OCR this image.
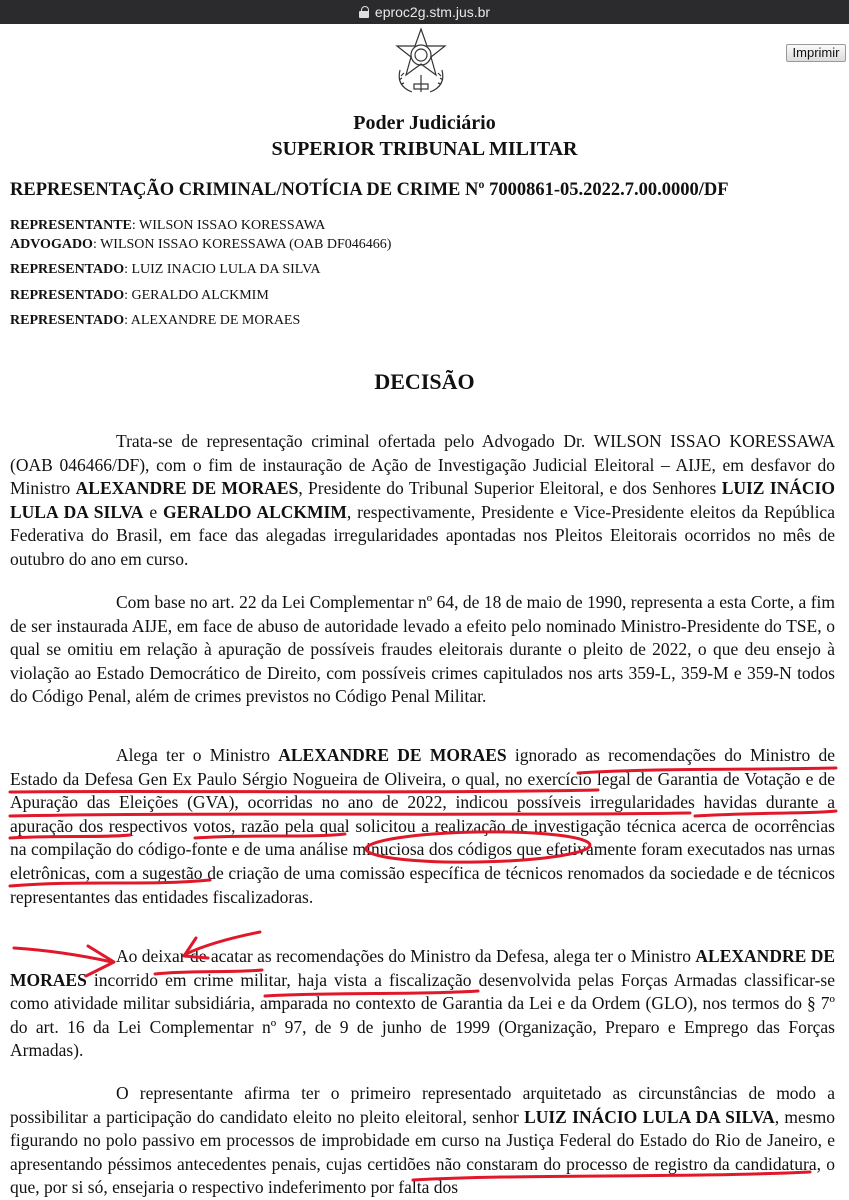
eproc2g.stm.jus.br
Imprimir
Poder Judiciário
SUPERIOR TRIBUNAL MILITAR
REPRESENTAÇÃO CRIMINAL/NOTÍCIA DE CRIME Nº 7000861-05.2022.7.00.0000/DF
REPRESENTANTE: WILSON ISSAO KORESSAWA
ADVOGADO: WILSON ISSAO KORESSAWA (OAB DF046466)
REPRESENTADO: LUIZ INACIO LULA DA SILVA
REPRESENTADO: GERALDO ALCKMIM
REPRESENTADO: ALEXANDRE DE MORAES
DECISÃO

Trata-se de representação criminal ofertada pelo Advogado Dr. WILSON ISSAO KORESSAWA (OAB 046466/DF), com o fim de instauração de Ação de Investigação Judicial Eleitoral – AIJE, em desfavor do Ministro ALEXANDRE DE MORAES, Presidente do Tribunal Superior Eleitoral, e dos Senhores LUIZ INÁCIO LULA DA SILVA e GERALDO ALCKMIM, respectivamente, Presidente e Vice-Presidente eleitos da República Federativa do Brasil, em face das alegadas irregularidades apontadas nos Pleitos Eleitorais ocorridos no mês de outubro do ano em curso.

Com base no art. 22 da Lei Complementar nº 64, de 18 de maio de 1990, representa a esta Corte, a fim de ser instaurada AIJE, em face de abuso de autoridade levado a efeito pelo nominado Ministro-Presidente do TSE, o qual se omitiu em relação à apuração de possíveis fraudes eleitorais durante o pleito de 2022, o que deu ensejo à violação ao Estado Democrático de Direito, com possíveis crimes capitulados nos arts 359-L, 359-M e 359-N todos do Código Penal, além de crimes previstos no Código Penal Militar.

Alega ter o Ministro ALEXANDRE DE MORAES ignorado as recomendações do Ministro de Estado da Defesa Gen Ex Paulo Sérgio Nogueira de Oliveira, o qual, no exercício legal de Garantia de Votação e de Apuração das Eleições (GVA), ocorridas no ano de 2022, indicou possíveis irregularidades havidas durante a apuração dos respectivos votos, razão pela qual solicitou a realização de investigação técnica acerca de ocorrências na compilação do código-fonte e de uma análise minuciosa dos códigos que efetivamente foram executados nas urnas eletrônicas, com a sugestão de criação de uma comissão específica de técnicos renomados da sociedade e de técnicos representantes das entidades fiscalizadoras.

Ao deixar de acatar as recomendações do Ministro da Defesa, alega ter o Ministro ALEXANDRE DE MORAES incorrido em crime militar, haja vista a fiscalização desenvolvida pelas Forças Armadas classificar-se como atividade militar subsidiária, amparada no contexto de Garantia da Lei e da Ordem (GLO), nos termos do § 7º do art. 16 da Lei Complementar nº 97, de 9 de junho de 1999 (Organização, Preparo e Emprego das Forças Armadas).

O representante afirma ter o primeiro representado arquitetado as circunstâncias de modo a possibilitar a participação do candidato eleito no pleito eleitoral, senhor LUIZ INÁCIO LULA DA SILVA, mesmo figurando no polo passivo em processos de improbidade em curso na Justiça Federal do Estado do Rio de Janeiro, e apresentando péssimos antecedentes penais, cujas certidões não constaram do processo de registro da candidatura, o que, por si só, ensejaria o respectivo indeferimento por falta dos
